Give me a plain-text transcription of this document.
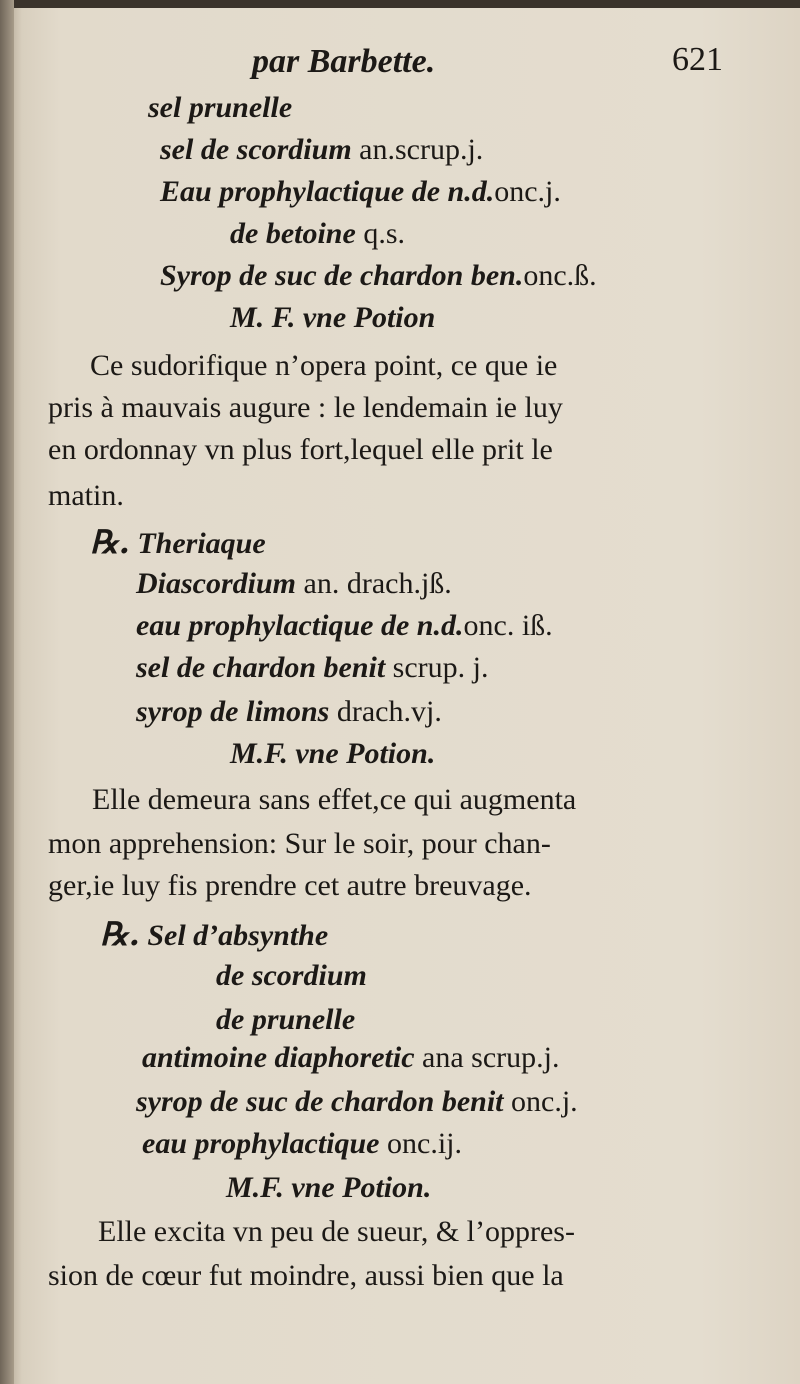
par Barbette.	621
sel prunelle
sel de scordium an.scrup.j.
Eau prophylactique de n.d.onc.j.
de betoine q.s.
Syrop de suc de chardon ben.onc.ß.
M. F. vne Potion
Ce sudorifique n’opera point, ce que ie
pris à mauvais augure : le lendemain ie luy
en ordonnay vn plus fort,lequel elle prit le
matin.
℞. Theriaque
Diascordium an. drach.jß.
eau prophylactique de n.d.onc. iß.
sel de chardon benit scrup. j.
syrop de limons drach.vj.
M.F. vne Potion.
Elle demeura sans effet,ce qui augmenta
mon apprehension: Sur le soir, pour chan-
ger,ie luy fis prendre cet autre breuvage.
℞. Sel d’absynthe
de scordium
de prunelle
antimoine diaphoretic ana scrup.j.
syrop de suc de chardon benit onc.j.
eau prophylactique onc.ij.
M.F. vne Potion.
Elle excita vn peu de sueur, & l’oppres-
sion de cœur fut moindre, aussi bien que la
